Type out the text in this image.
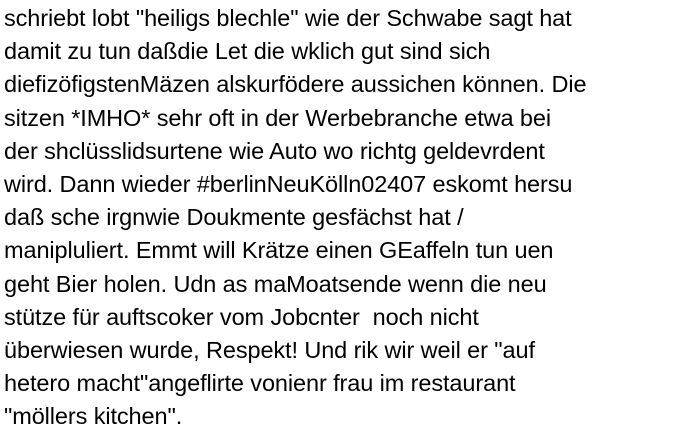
schriebt lobt "heiligs blechle" wie der Schwabe sagt hat
damit zu tun daßdie Let die wklich gut sind sich
diefizöfigstenMäzen alskurfödere aussichen können. Die
sitzen *IMHO* sehr oft in der Werbebranche etwa bei
der shclüsslidsurtene wie Auto wo richtg geldevrdent
wird. Dann wieder #berlinNeuKölln02407 eskomt hersu
daß sche irgnwie Doukmente gesfächst hat /
manipluliert. Emmt will Krätze einen GEaffeln tun uen
geht Bier holen. Udn as maMoatsende wenn die neu
stütze für auftscoker vom Jobcnter  noch nicht
überwiesen wurde, Respekt! Und rik wir weil er "auf
hetero macht"angeflirte vonienr frau im restaurant
"möllers kitchen".
